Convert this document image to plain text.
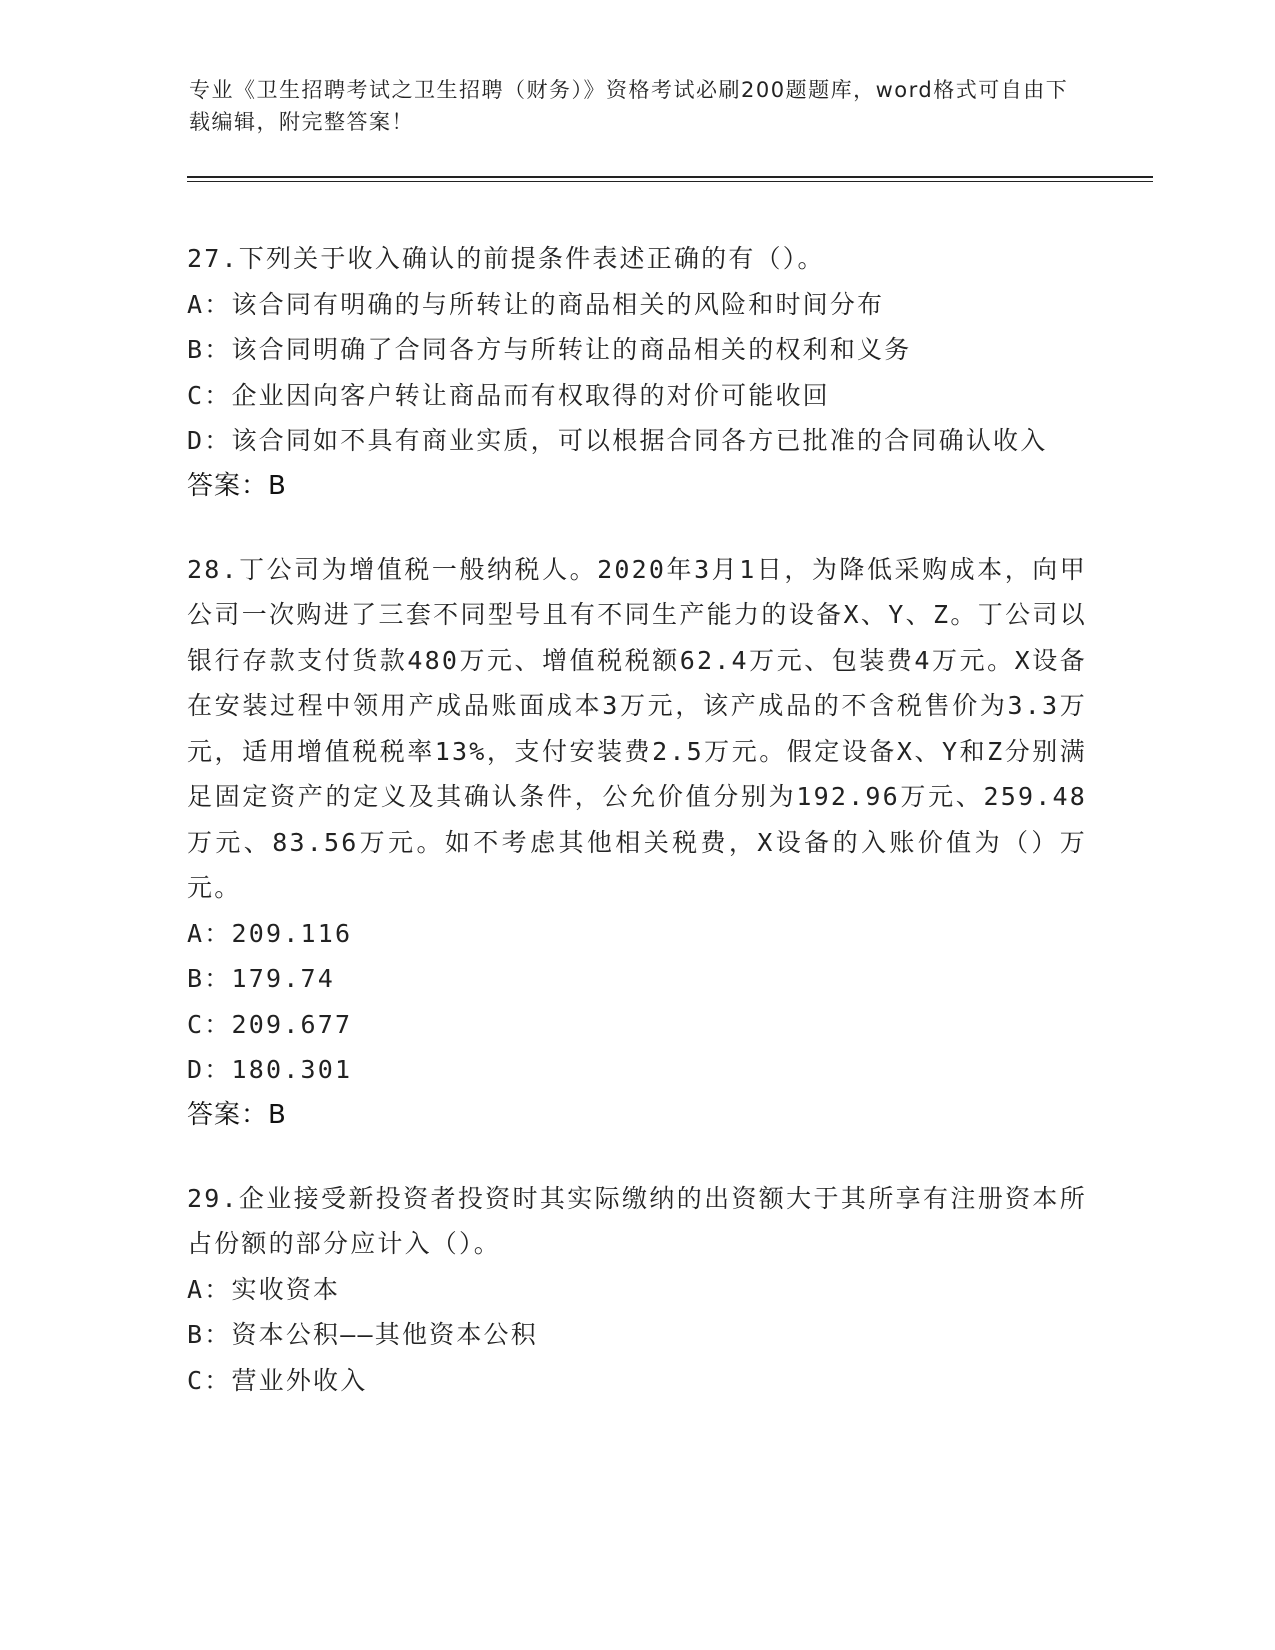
专业《卫生招聘考试之卫生招聘（财务）》资格考试必刷200题题库，word格式可自由下载编辑，附完整答案！
27.下列关于收入确认的前提条件表述正确的有（）。
A：该合同有明确的与所转让的商品相关的风险和时间分布
B：该合同明确了合同各方与所转让的商品相关的权利和义务
C：企业因向客户转让商品而有权取得的对价可能收回
D：该合同如不具有商业实质，可以根据合同各方已批准的合同确认收入
答案：B
28.丁公司为增值税一般纳税人。2020年3月1日，为降低采购成本，向甲公司一次购进了三套不同型号且有不同生产能力的设备X、Y、Z。丁公司以银行存款支付货款480万元、增值税税额62.4万元、包装费4万元。X设备在安装过程中领用产成品账面成本3万元，该产成品的不含税售价为3.3万元，适用增值税税率13%，支付安装费2.5万元。假定设备X、Y和Z分别满足固定资产的定义及其确认条件，公允价值分别为192.96万元、259.48万元、83.56万元。如不考虑其他相关税费，X设备的入账价值为（）万元。
A：209.116
B：179.74
C：209.677
D：180.301
答案：B
29.企业接受新投资者投资时其实际缴纳的出资额大于其所享有注册资本所占份额的部分应计入（）。
A：实收资本
B：资本公积——其他资本公积
C：营业外收入
